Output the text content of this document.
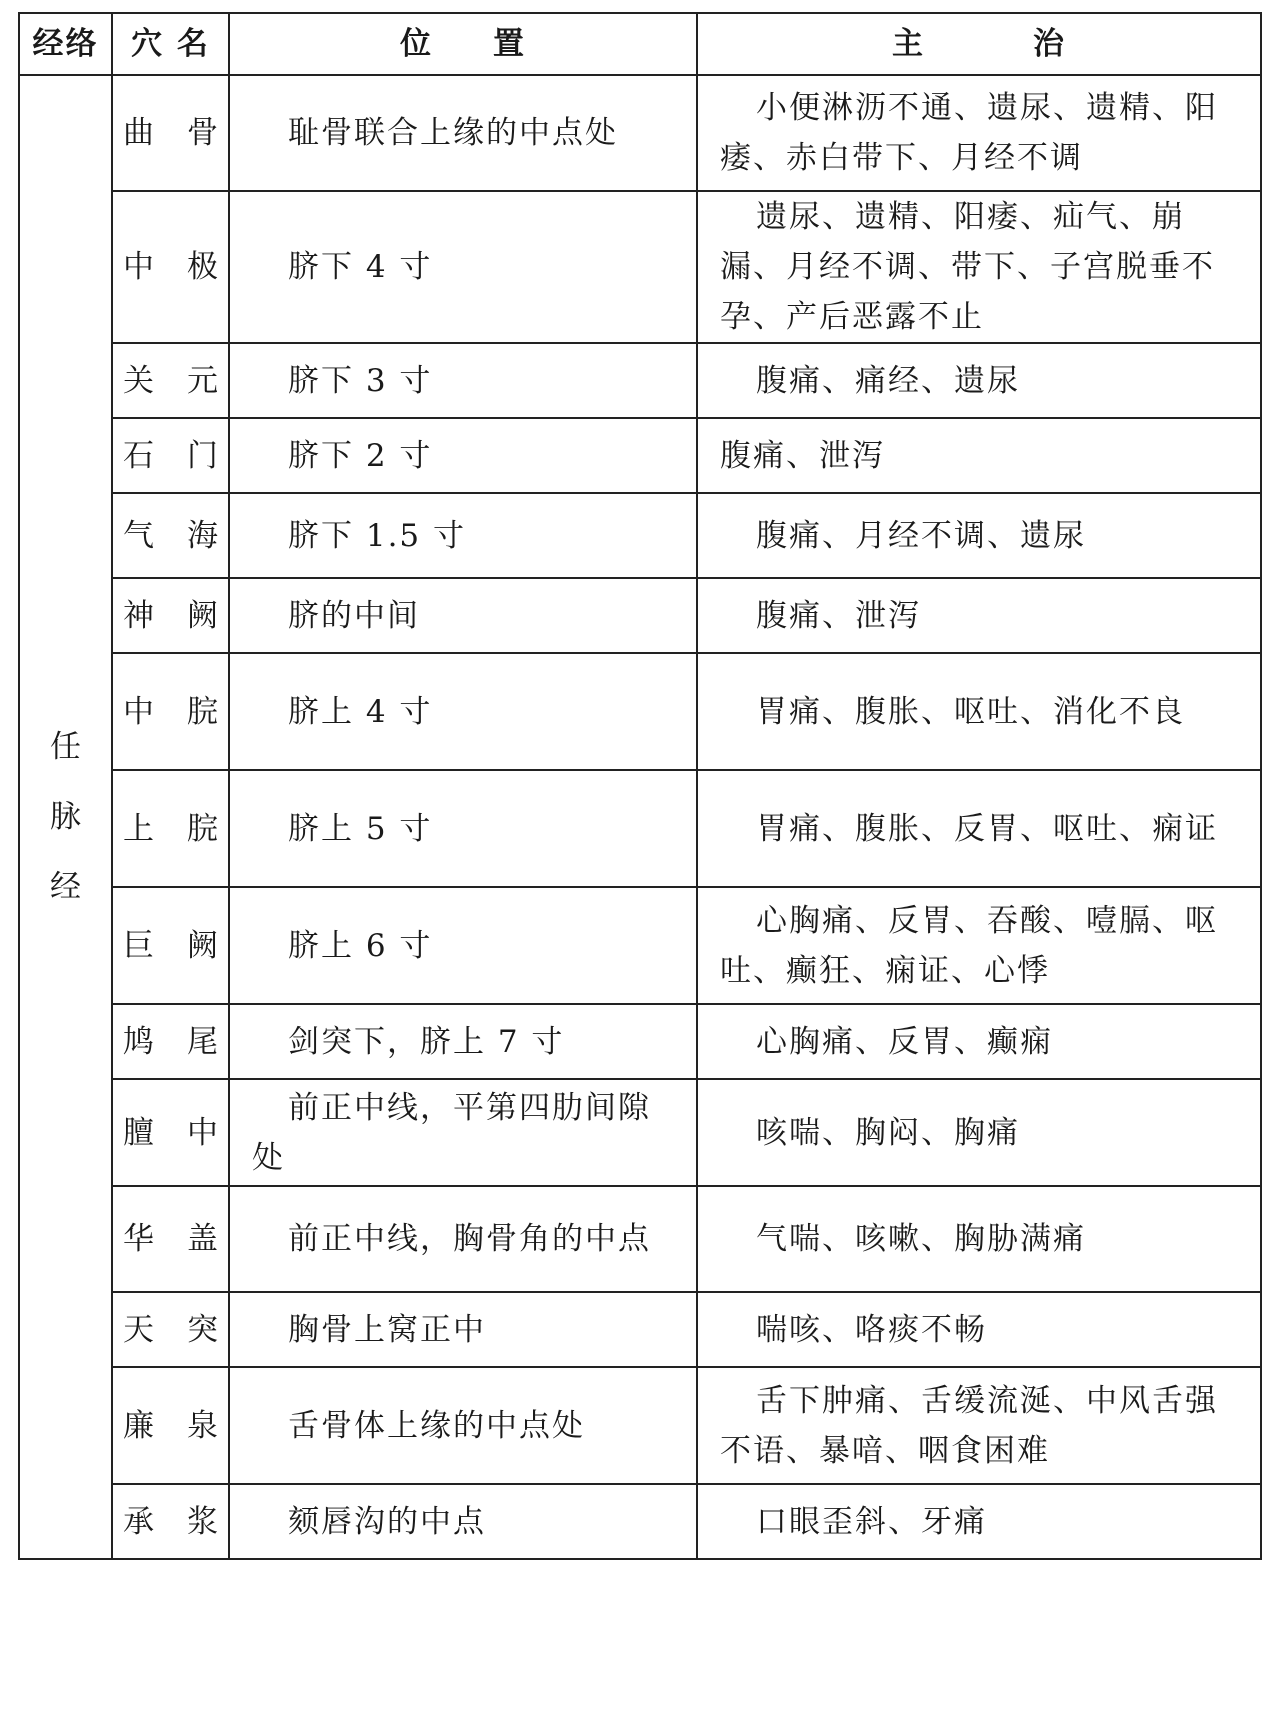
经络	穴 名	位 置	主 治

任
脉
经	曲 骨	耻骨联合上缘的中点处	小便淋沥不通、遗尿、遗精、阳痿、赤白带下、月经不调

	中 极	脐下 4 寸	遗尿、遗精、阳痿、疝气、崩漏、月经不调、带下、子宫脱垂不孕、产后恶露不止

	关 元	脐下 3 寸	腹痛、痛经、遗尿

	石 门	脐下 2 寸	腹痛、泄泻

	气 海	脐下 1.5 寸	腹痛、月经不调、遗尿

	神 阙	脐的中间	腹痛、泄泻

	中 脘	脐上 4 寸	胃痛、腹胀、呕吐、消化不良

	上 脘	脐上 5 寸	胃痛、腹胀、反胃、呕吐、痫证

	巨 阙	脐上 6 寸	心胸痛、反胃、吞酸、噎膈、呕吐、癫狂、痫证、心悸

	鸠 尾	剑突下，脐上 7 寸	心胸痛、反胃、癫痫

	膻 中	前正中线，平第四肋间隙处	咳喘、胸闷、胸痛

	华 盖	前正中线，胸骨角的中点	气喘、咳嗽、胸胁满痛

	天 突	胸骨上窝正中	喘咳、咯痰不畅

	廉 泉	舌骨体上缘的中点处	舌下肿痛、舌缓流涎、中风舌强不语、暴喑、咽食困难

	承 浆	颏唇沟的中点	口眼歪斜、牙痛
